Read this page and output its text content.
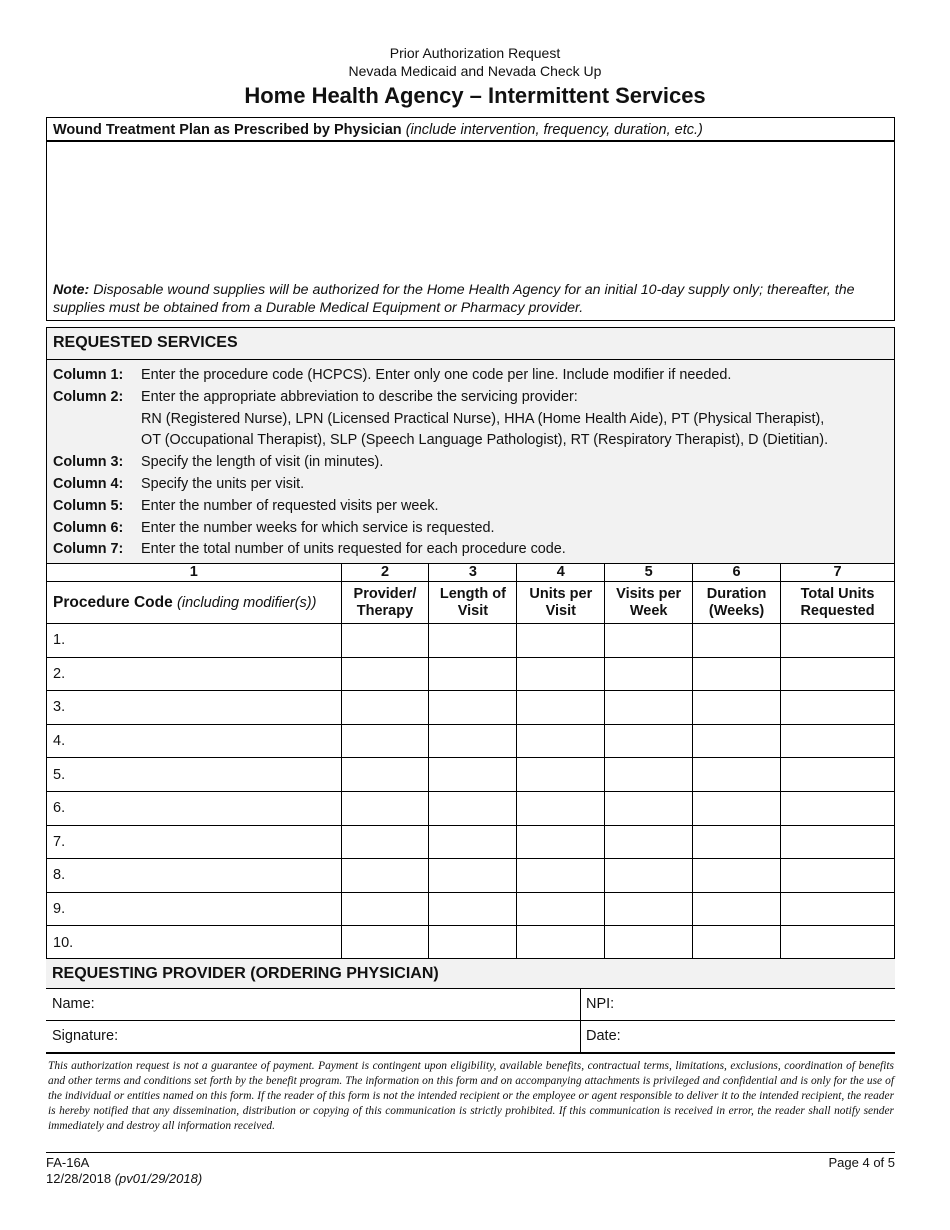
Prior Authorization Request
Nevada Medicaid and Nevada Check Up
Home Health Agency – Intermittent Services
Wound Treatment Plan as Prescribed by Physician (include intervention, frequency, duration, etc.)
Note: Disposable wound supplies will be authorized for the Home Health Agency for an initial 10-day supply only; thereafter, the supplies must be obtained from a Durable Medical Equipment or Pharmacy provider.
REQUESTED SERVICES
Column 1:	Enter the procedure code (HCPCS). Enter only one code per line. Include modifier if needed.
Column 2:	Enter the appropriate abbreviation to describe the servicing provider:
RN (Registered Nurse), LPN (Licensed Practical Nurse), HHA (Home Health Aide), PT (Physical Therapist),
OT (Occupational Therapist), SLP (Speech Language Pathologist), RT (Respiratory Therapist), D (Dietitian).
Column 3:	Specify the length of visit (in minutes).
Column 4:	Specify the units per visit.
Column 5:	Enter the number of requested visits per week.
Column 6:	Enter the number weeks for which service is requested.
Column 7:	Enter the total number of units requested for each procedure code.
1	2	3	4	5	6	7
Procedure Code (including modifier(s))	Provider/ Therapy	Length of Visit	Units per Visit	Visits per Week	Duration (Weeks)	Total Units Requested
1.						
2.						
3.						
4.						
5.						
6.						
7.						
8.						
9.						
10.						
REQUESTING PROVIDER (ORDERING PHYSICIAN)
Name:	NPI:
Signature:	Date:
This authorization request is not a guarantee of payment. Payment is contingent upon eligibility, available benefits, contractual terms, limitations, exclusions, coordination of benefits and other terms and conditions set forth by the benefit program. The information on this form and on accompanying attachments is privileged and confidential and is only for the use of the individual or entities named on this form. If the reader of this form is not the intended recipient or the employee or agent responsible to deliver it to the intended recipient, the reader is hereby notified that any dissemination, distribution or copying of this communication is strictly prohibited. If this communication is received in error, the reader shall notify sender immediately and destroy all information received.
FA-16A
12/28/2018 (pv01/29/2018)
Page 4 of 5
